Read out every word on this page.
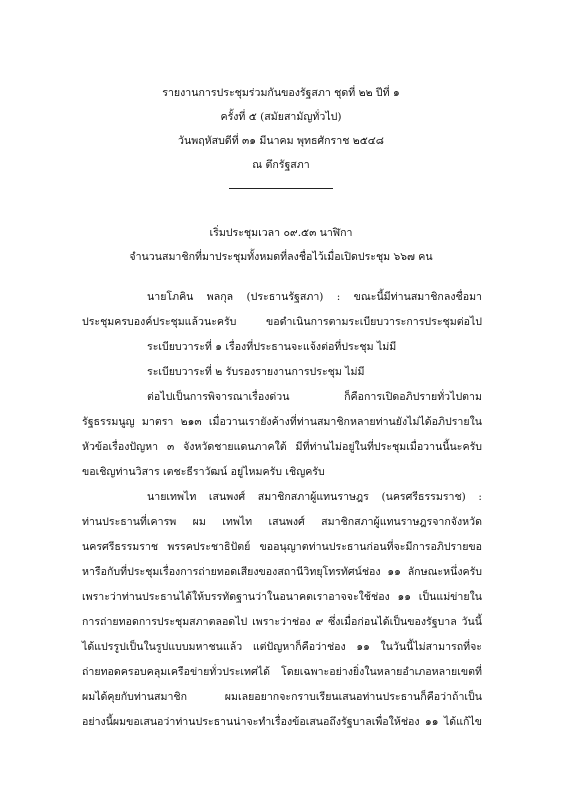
รายงานการประชุมร่วมกันของรัฐสภา ชุดที่ ๒๒ ปีที่ ๑
ครั้งที่ ๕ (สมัยสามัญทั่วไป)
วันพฤหัสบดีที่ ๓๑ มีนาคม พุทธศักราช ๒๕๔๘
ณ ตึกรัฐสภา
เริ่มประชุมเวลา ๐๙.๕๓ นาฬิกา
จำนวนสมาชิกที่มาประชุมทั้งหมดที่ลงชื่อไว้เมื่อเปิดประชุม ๖๖๗ คน
นายโภคิน พลกุล (ประธานรัฐสภา) : ขณะนี้มีท่านสมาชิกลงชื่อมา
ประชุมครบองค์ประชุมแล้วนะครับ ขอดำเนินการตามระเบียบวาระการประชุมต่อไป
ระเบียบวาระที่ ๑ เรื่องที่ประธานจะแจ้งต่อที่ประชุม ไม่มี
ระเบียบวาระที่ ๒ รับรองรายงานการประชุม ไม่มี
ต่อไปเป็นการพิจารณาเรื่องด่วน ก็คือการเปิดอภิปรายทั่วไปตาม
รัฐธรรมนูญ มาตรา ๒๑๓ เมื่อวานเรายังค้างที่ท่านสมาชิกหลายท่านยังไม่ได้อภิปรายใน
หัวข้อเรื่องปัญหา ๓ จังหวัดชายแดนภาคใต้ มีที่ท่านไม่อยู่ในที่ประชุมเมื่อวานนี้นะครับ
ขอเชิญท่านวิสาร เตชะธีราวัฒน์ อยู่ไหมครับ เชิญครับ
นายเทพไท เสนพงศ์ สมาชิกสภาผู้แทนราษฎร (นครศรีธรรมราช) :
ท่านประธานที่เคารพ ผม เทพไท เสนพงศ์ สมาชิกสภาผู้แทนราษฎรจากจังหวัด
นครศรีธรรมราช พรรคประชาธิปัตย์ ขออนุญาตท่านประธานก่อนที่จะมีการอภิปรายขอ
หารือกับที่ประชุมเรื่องการถ่ายทอดเสียงของสถานีวิทยุโทรทัศน์ช่อง ๑๑ ลักษณะหนึ่งครับ
เพราะว่าท่านประธานได้ให้บรรทัดฐานว่าในอนาคตเราอาจจะใช้ช่อง ๑๑ เป็นแม่ข่ายใน
การถ่ายทอดการประชุมสภาตลอดไป เพราะว่าช่อง ๙ ซึ่งเมื่อก่อนได้เป็นของรัฐบาล วันนี้
ได้แปรรูปเป็นในรูปแบบมหาชนแล้ว แต่ปัญหาก็คือว่าช่อง ๑๑ ในวันนี้ไม่สามารถที่จะ
ถ่ายทอดครอบคลุมเครือข่ายทั่วประเทศได้ โดยเฉพาะอย่างยิ่งในหลายอำเภอหลายเขตที่
ผมได้คุยกับท่านสมาชิก ผมเลยอยากจะกราบเรียนเสนอท่านประธานก็คือว่าถ้าเป็น
อย่างนี้ผมขอเสนอว่าท่านประธานน่าจะทำเรื่องข้อเสนอถึงรัฐบาลเพื่อให้ช่อง ๑๑ ได้แก้ไข
